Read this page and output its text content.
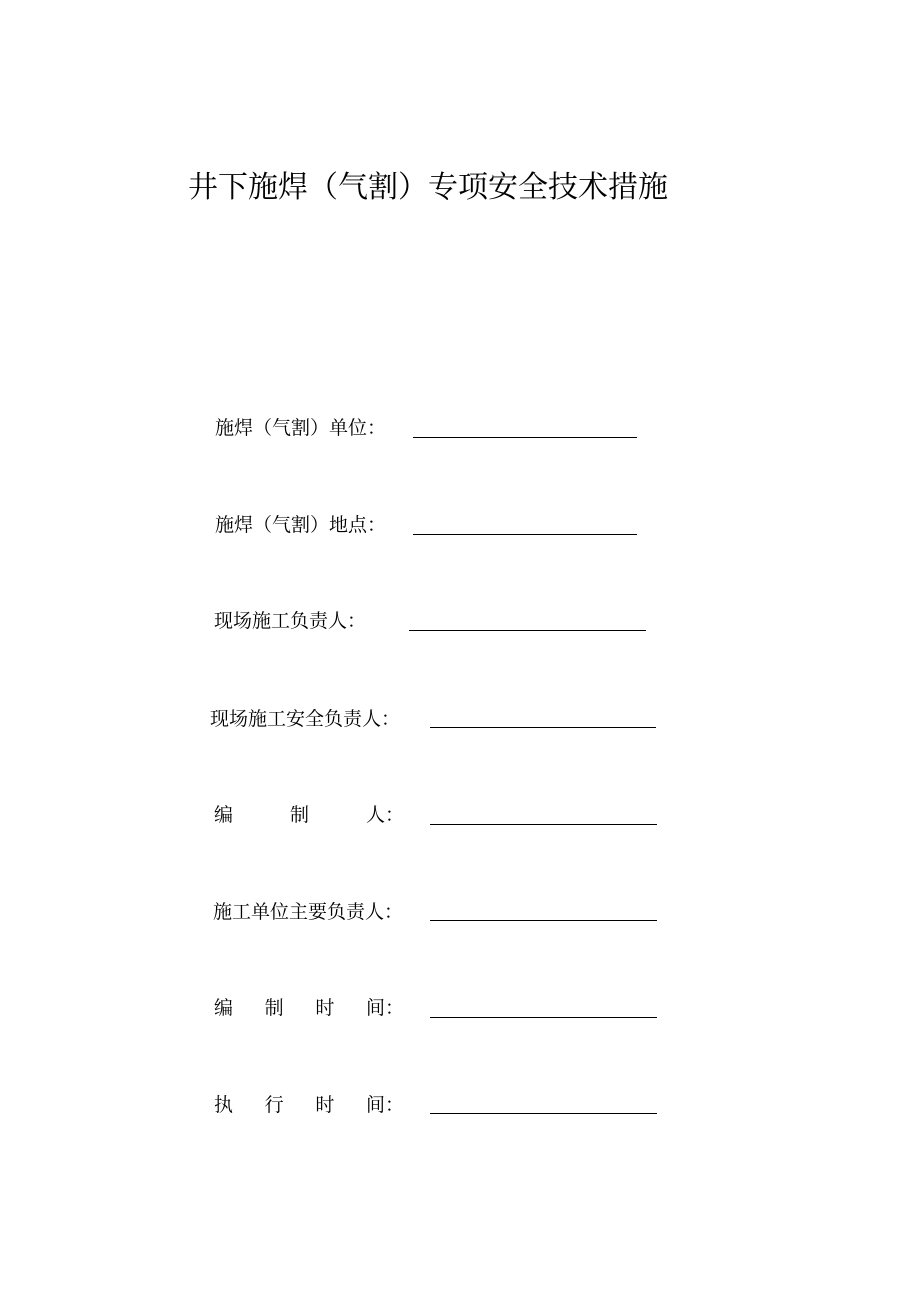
井下施焊（气割）专项安全技术措施
施焊（气割）单位：
施焊（气割）地点：
现场施工负责人：
现场施工安全负责人：
编	制	人：
施工单位主要负责人：
编 制 时 间：
执 行 时 间：
